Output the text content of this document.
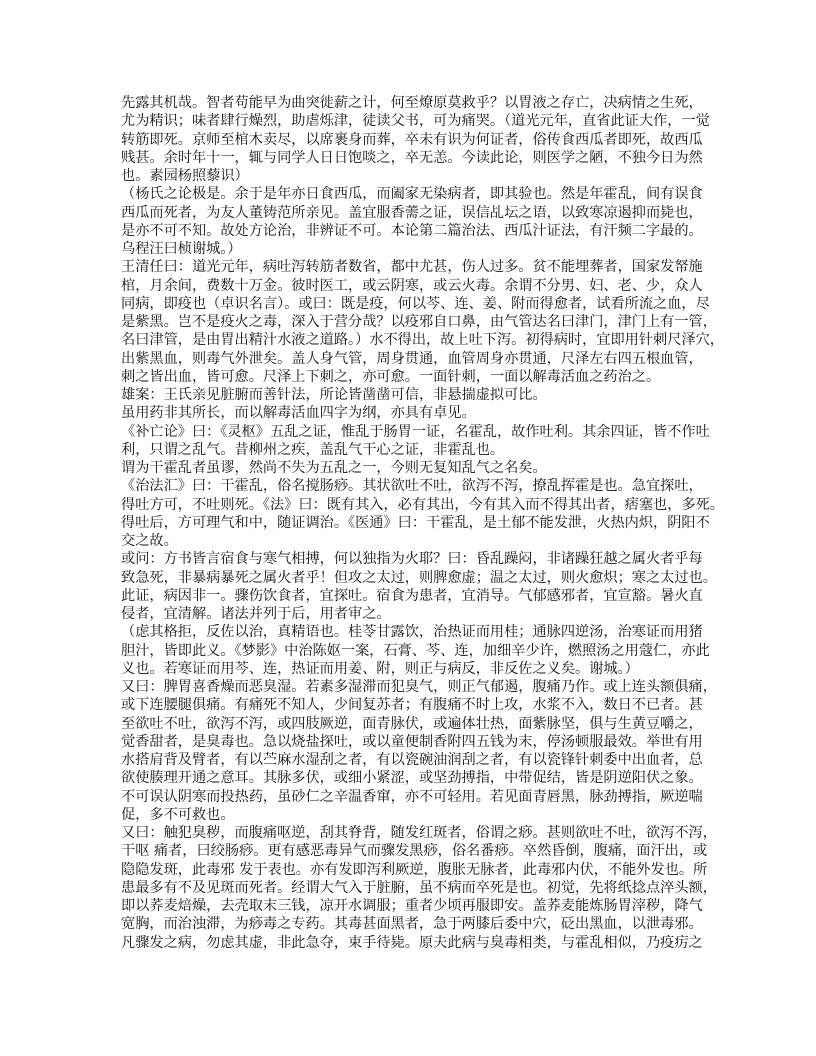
先露其机哉。智者苟能早为曲突徙薪之计，何至燎原莫救乎？以胃液之存亡，决病情之生死，
尤为精识；味者肆行燥烈，助虐烁津，徒读父书，可为痛哭。（道光元年，直省此证大作，一觉
转筋即死。京师至棺木卖尽，以席裹身而葬，卒未有识为何证者，俗传食西瓜者即死，故西瓜
贱甚。余时年十一，辄与同学人日日饱啖之，卒无恙。今读此论，则医学之陋，不独今日为然
也。素园杨照藜识）
（杨氏之论极是。余于是年亦日食西瓜，而阖家无染病者，即其验也。然是年霍乱，间有误食
西瓜而死者，为友人董铸范所亲见。盖宜服香薷之证，误信乩坛之语，以致寒凉遏抑而毙也，
是亦不可不知。故处方论治，非辨证不可。本论第二篇治法、西瓜汁证法，有汗频二字最的。
乌程汪曰桢谢城。）
王清任曰：道光元年，病吐泻转筋者数省，都中尤甚，伤人过多。贫不能埋葬者，国家发帑施
棺，月余间，费数十万金。彼时医工，或云阴寒，或云火毒。余谓不分男、妇、老、少，众人
同病，即疫也（卓识名言）。或曰：既是疫，何以芩、连、姜、附而得愈者，试看所流之血，尽
是紫黑。岂不是疫火之毒，深入于营分哉？以疫邪自口鼻，由气管达名曰津门，津门上有一管，
名曰津管，是由胃出精汁水液之道路。）水不得出，故上吐下泻。初得病时，宜即用针刺尺泽穴，
出紫黑血，则毒气外泄矣。盖人身气管，周身贯通，血管周身亦贯通，尺泽左右四五根血管，
刺之皆出血，皆可愈。尺泽上下刺之，亦可愈。一面针刺，一面以解毒活血之药治之。
雄案：王氏亲见脏腑而善针法，所论皆凿凿可信，非悬揣虚拟可比。
虽用药非其所长，而以解毒活血四字为纲，亦具有卓见。
《补亡论》曰：《灵枢》五乱之证，惟乱于肠胃一证，名霍乱，故作吐利。其余四证，皆不作吐
利，只谓之乱气。昔柳州之疾，盖乱气干心之证，非霍乱也。
谓为干霍乱者虽谬，然尚不失为五乱之一，今则无复知乱气之名矣。
《治法汇》曰：干霍乱，俗名搅肠痧。其状欲吐不吐，欲泻不泻，撩乱挥霍是也。急宜探吐，
得吐方可，不吐则死。《法》曰：既有其入，必有其出，今有其入而不得其出者，痞塞也，多死。
得吐后，方可理气和中，随证调治。《医通》曰：干霍乱，是土郁不能发泄，火热内炽，阴阳不
交之故。
或问：方书皆言宿食与寒气相搏，何以独指为火耶？曰：昏乱躁闷，非诸躁狂越之属火者乎每
致急死，非暴病暴死之属火者乎！但攻之太过，则脾愈虚；温之太过，则火愈炽；寒之太过也。
此证，病因非一。骤伤饮食者，宜探吐。宿食为患者，宜消导。气郁感邪者，宜宣豁。暑火直
侵者，宜清解。诸法并列于后，用者审之。
（虑其格拒，反佐以治，真精语也。桂苓甘露饮，治热证而用桂；通脉四逆汤，治寒证而用猪
胆汁，皆即此义。《梦影》中治陈妪一案，石膏、芩、连，加细辛少许，燃照汤之用蔻仁，亦此
义也。若寒证而用芩、连，热证而用姜、附，则正与病反，非反佐之义矣。谢城。）
又曰：脾胃喜香燥而恶臭湿。若素多湿滞而犯臭气，则正气郁遏，腹痛乃作。或上连头额俱痛，
或下连腰腿俱痛。有痛死不知人，少间复苏者；有腹痛不时上攻，水浆不入，数日不已者。甚
至欲吐不吐，欲泻不泻，或四肢厥逆，面青脉伏，或遍体壮热，面紫脉坚，俱与生黄豆嚼之，
觉香甜者，是臭毒也。急以烧盐探吐，或以童便制香附四五钱为末，停汤顿服最效。举世有用
水搭肩背及臂者，有以苎麻水湿刮之者，有以瓷碗油润刮之者，有以瓷锋针刺委中出血者，总
欲使腠理开通之意耳。其脉多伏，或细小紧涩，或坚劲搏指，中带促结，皆是阴逆阳伏之象。
不可误认阴寒而投热药，虽砂仁之辛温香窜，亦不可轻用。若见面青唇黑，脉劲搏指，厥逆喘
促，多不可救也。
又曰：触犯臭秽，而腹痛呕逆，刮其脊背，随发红斑者，俗谓之痧。甚则欲吐不吐，欲泻不泻，
干呕 痛者，曰绞肠痧。更有感恶毒异气而骤发黑痧，俗名番痧。卒然昏倒，腹痛，面汗出，或
隐隐发斑，此毒邪 发于表也。亦有发即泻利厥逆，腹胀无脉者，此毒邪内伏，不能外发也。所
患最多有不及见斑而死者。经谓大气入于脏腑，虽不病而卒死是也。初觉，先将纸捻点淬头额，
即以荞麦焙燥，去壳取末三钱，凉开水调服；重者少顷再服即安。盖荞麦能炼肠胃滓秽，降气
宽胸，而治浊滞，为痧毒之专药。其毒甚面黑者，急于两膝后委中穴，砭出黑血，以泄毒邪。
凡骤发之病，勿虑其虚，非此急夺，束手待毙。原夫此病与臭毒相类，与霍乱相似，乃疫疠之
